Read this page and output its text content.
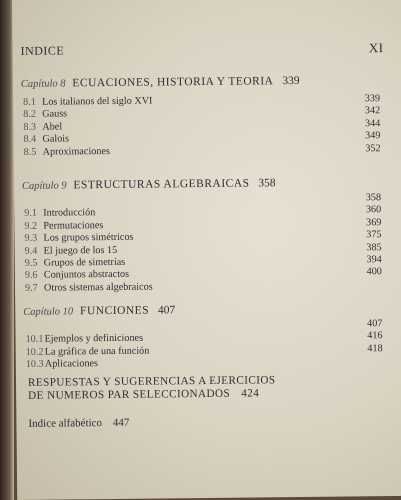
INDICE	XI
Capítulo 8 ECUACIONES, HISTORIA Y TEORIA 339
8.1 Los italianos del siglo XVI	339
8.2 Gauss	342
8.3 Abel	344
8.4 Galois	349
8.5 Aproximaciones	352
Capítulo 9 ESTRUCTURAS ALGEBRAICAS 358
358
9.1 Introducción	360
9.2 Permutaciones	369
9.3 Los grupos simétricos	375
9.4 El juego de los 15	385
9.5 Grupos de simetrías	394
9.6 Conjuntos abstractos	400
9.7 Otros sistemas algebraicos
Capítulo 10 FUNCIONES 407
407
10.1 Ejemplos y definiciones	416
10.2 La gráfica de una función	418
10.3 Aplicaciones
RESPUESTAS Y SUGERENCIAS A EJERCICIOS
DE NUMEROS PAR SELECCIONADOS 424
Indice alfabético 447
